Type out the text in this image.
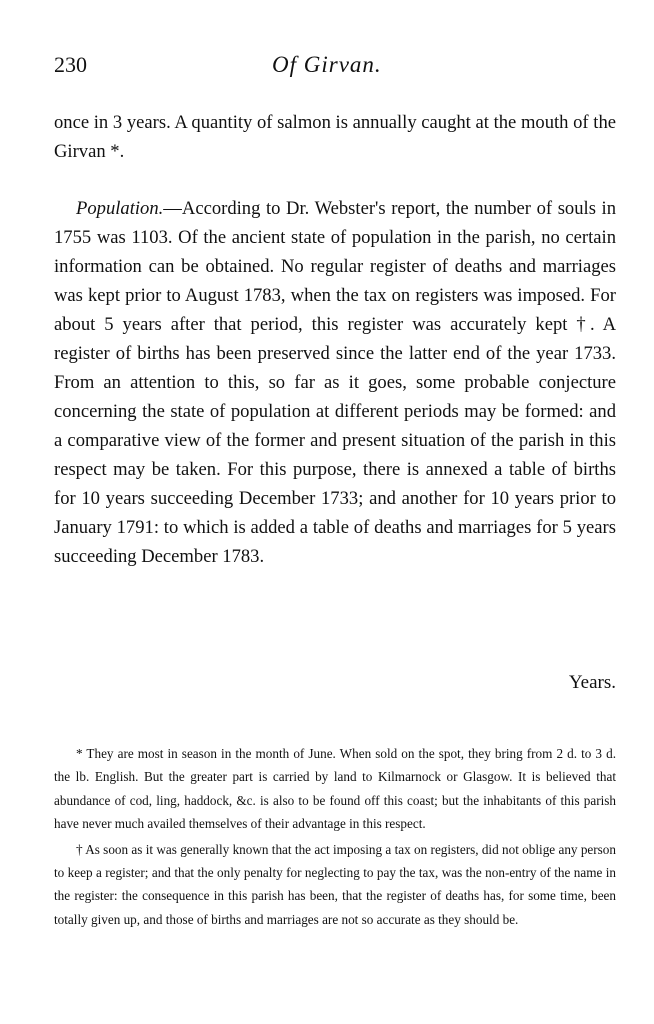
230	Of Girvan.

once in 3 years. A quantity of salmon is annually caught at the mouth of the Girvan *.

Population.—According to Dr. Webster's report, the number of souls in 1755 was 1103. Of the ancient state of population in the parish, no certain information can be obtained. No regular register of deaths and marriages was kept prior to August 1783, when the tax on registers was imposed. For about 5 years after that period, this register was accurately kept †. A register of births has been preserved since the latter end of the year 1733. From an attention to this, so far as it goes, some probable conjecture concerning the state of population at different periods may be formed: and a comparative view of the former and present situation of the parish in this respect may be taken. For this purpose, there is annexed a table of births for 10 years succeeding December 1733; and another for 10 years prior to January 1791: to which is added a table of deaths and marriages for 5 years succeeding December 1783.

Years.

* They are most in season in the month of June. When sold on the spot, they bring from 2 d. to 3 d. the lb. English. But the greater part is carried by land to Kilmarnock or Glasgow. It is believed that abundance of cod, ling, haddock, &c. is also to be found off this coast; but the inhabitants of this parish have never much availed themselves of their advantage in this respect.

† As soon as it was generally known that the act imposing a tax on registers, did not oblige any person to keep a register; and that the only penalty for neglecting to pay the tax, was the non-entry of the name in the register: the consequence in this parish has been, that the register of deaths has, for some time, been totally given up, and those of births and marriages are not so accurate as they should be.
